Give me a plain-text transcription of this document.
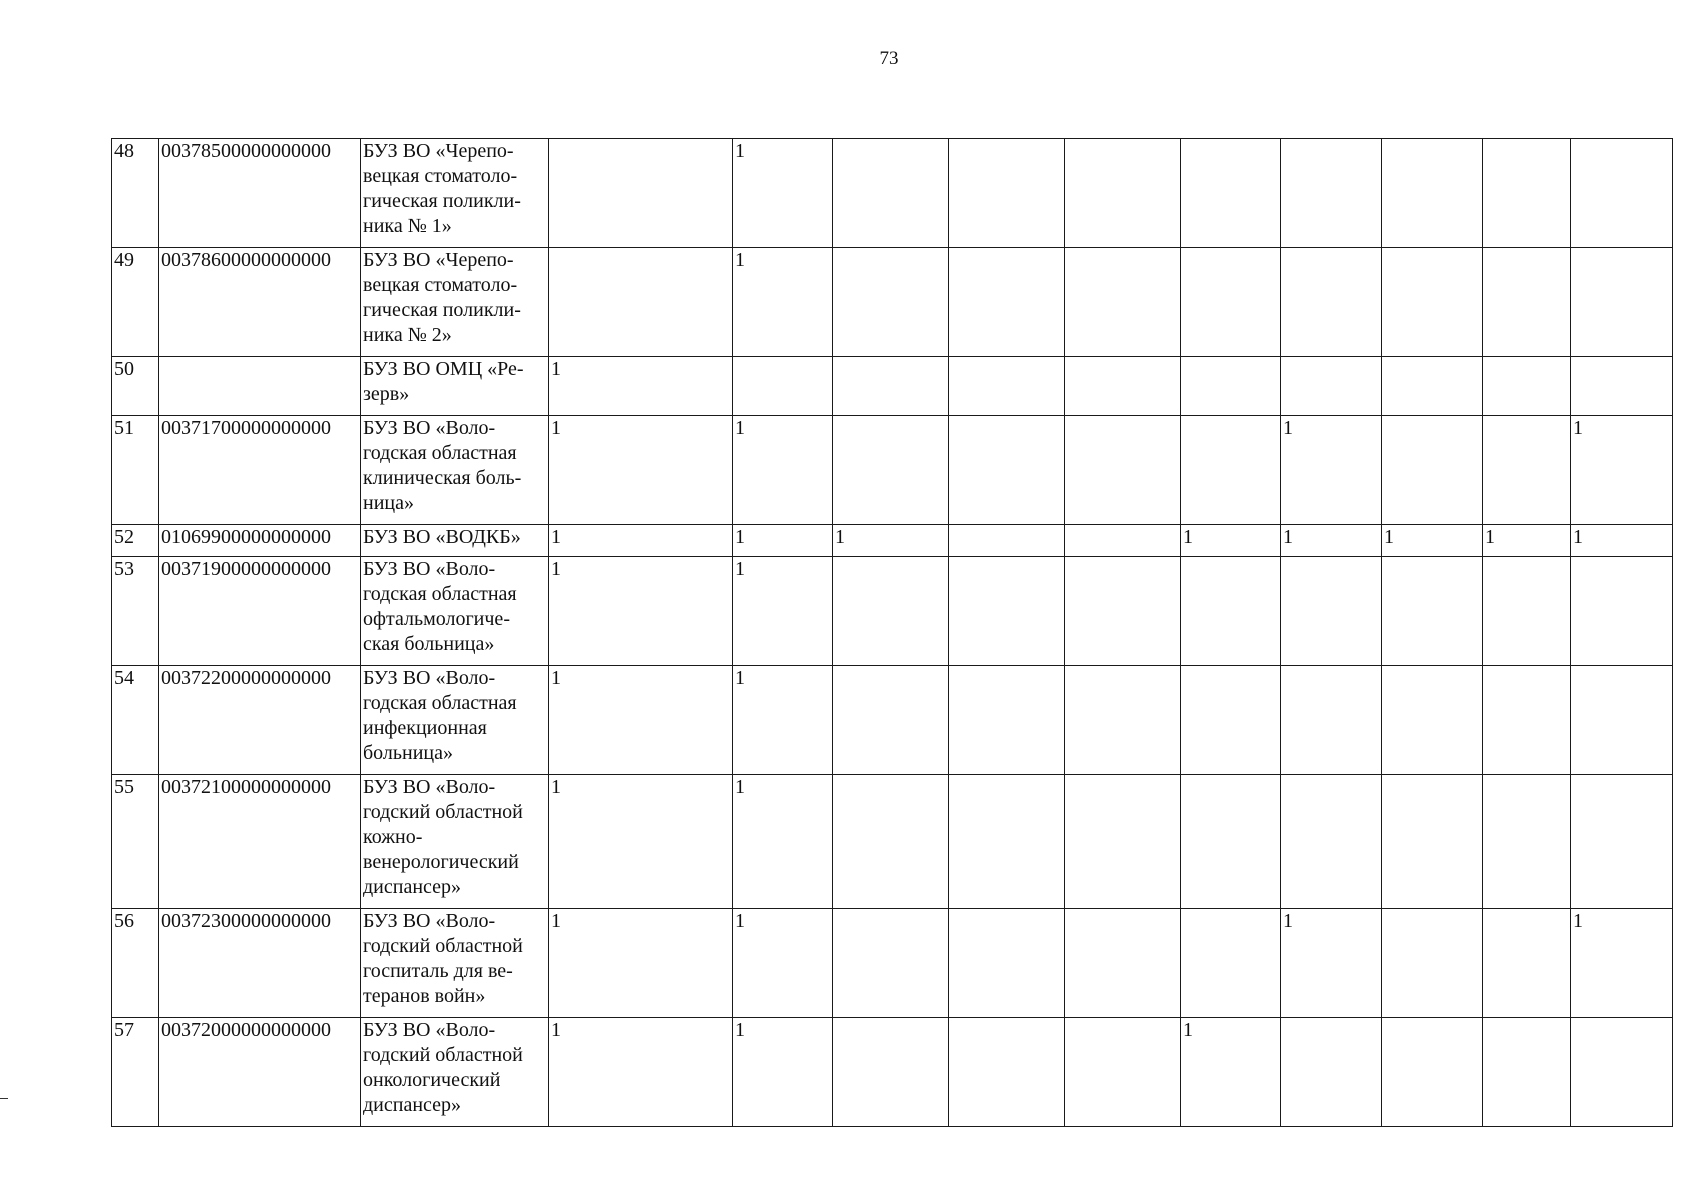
73
48	00378500000000000	БУЗ ВО «Черепо-
вецкая стоматоло-
гическая поликли-
ника № 1»		1								
49	00378600000000000	БУЗ ВО «Черепо-
вецкая стоматоло-
гическая поликли-
ника № 2»		1								
50		БУЗ ВО ОМЦ «Ре-
зерв»	1									
51	00371700000000000	БУЗ ВО «Воло-
годская областная
клиническая боль-
ница»	1	1					1			1
52	01069900000000000	БУЗ ВО «ВОДКБ»	1	1	1			1	1	1	1	1
53	00371900000000000	БУЗ ВО «Воло-
годская областная
офтальмологиче-
ская больница»	1	1								
54	00372200000000000	БУЗ ВО «Воло-
годская областная
инфекционная
больница»	1	1								
55	00372100000000000	БУЗ ВО «Воло-
годский областной
кожно-
венерологический
диспансер»	1	1								
56	00372300000000000	БУЗ ВО «Воло-
годский областной
госпиталь для ве-
теранов войн»	1	1					1			1
57	00372000000000000	БУЗ ВО «Воло-
годский областной
онкологический
диспансер»	1	1				1				
